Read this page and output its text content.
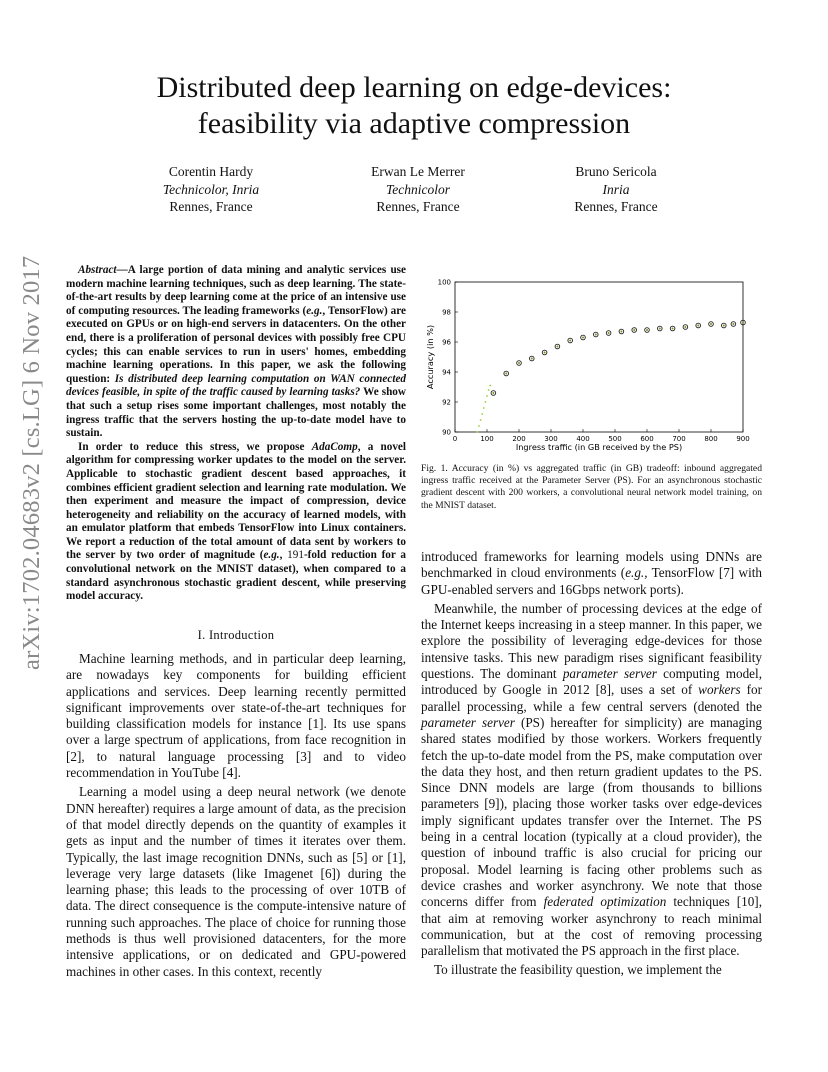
arXiv:1702.04683v2 [cs.LG] 6 Nov 2017
Distributed deep learning on edge-devices:
feasibility via adaptive compression
Corentin Hardy
Technicolor, Inria
Rennes, France
Erwan Le Merrer
Technicolor
Rennes, France
Bruno Sericola
Inria
Rennes, France

Abstract—A large portion of data mining and analytic services use modern machine learning techniques, such as deep learning. The state-of-the-art results by deep learning come at the price of an intensive use of computing resources. The leading frameworks (e.g., TensorFlow) are executed on GPUs or on high-end servers in datacenters. On the other end, there is a proliferation of personal devices with possibly free CPU cycles; this can enable services to run in users' homes, embedding machine learning operations. In this paper, we ask the following question: Is distributed deep learning computation on WAN connected devices feasible, in spite of the traffic caused by learning tasks? We show that such a setup rises some important challenges, most notably the ingress traffic that the servers hosting the up-to-date model have to sustain.

In order to reduce this stress, we propose AdaComp, a novel algorithm for compressing worker updates to the model on the server. Applicable to stochastic gradient descent based approaches, it combines efficient gradient selection and learning rate modulation. We then experiment and measure the impact of compression, device heterogeneity and reliability on the accuracy of learned models, with an emulator platform that embeds TensorFlow into Linux containers. We report a reduction of the total amount of data sent by workers to the server by two order of magnitude (e.g., 191-fold reduction for a convolutional network on the MNIST dataset), when compared to a standard asynchronous stochastic gradient descent, while preserving model accuracy.

I. Introduction

Machine learning methods, and in particular deep learning, are nowadays key components for building efficient applications and services. Deep learning recently permitted significant improvements over state-of-the-art techniques for building classification models for instance [1]. Its use spans over a large spectrum of applications, from face recognition in [2], to natural language processing [3] and to video recommendation in YouTube [4].

Learning a model using a deep neural network (we denote DNN hereafter) requires a large amount of data, as the precision of that model directly depends on the quantity of examples it gets as input and the number of times it iterates over them. Typically, the last image recognition DNNs, such as [5] or [1], leverage very large datasets (like Imagenet [6]) during the learning phase; this leads to the processing of over 10TB of data. The direct consequence is the compute-intensive nature of running such approaches. The place of choice for running those methods is thus well provisioned datacenters, for the more intensive applications, or on dedicated and GPU-powered machines in other cases. In this context, recently

0	100	200	300	400	500	600	700	800	900
90
92
94
96
98
100
Ingress traffic (in GB received by the PS)
Accuracy (in %)
Fig. 1. Accuracy (in %) vs aggregated traffic (in GB) tradeoff: inbound aggregated ingress traffic received at the Parameter Server (PS). For an asynchronous stochastic gradient descent with 200 workers, a convolutional neural network model training, on the MNIST dataset.

introduced frameworks for learning models using DNNs are benchmarked in cloud environments (e.g., TensorFlow [7] with GPU-enabled servers and 16Gbps network ports).

Meanwhile, the number of processing devices at the edge of the Internet keeps increasing in a steep manner. In this paper, we explore the possibility of leveraging edge-devices for those intensive tasks. This new paradigm rises significant feasibility questions. The dominant parameter server computing model, introduced by Google in 2012 [8], uses a set of workers for parallel processing, while a few central servers (denoted the parameter server (PS) hereafter for simplicity) are managing shared states modified by those workers. Workers frequently fetch the up-to-date model from the PS, make computation over the data they host, and then return gradient updates to the PS. Since DNN models are large (from thousands to billions parameters [9]), placing those worker tasks over edge-devices imply significant updates transfer over the Internet. The PS being in a central location (typically at a cloud provider), the question of inbound traffic is also crucial for pricing our proposal. Model learning is facing other problems such as device crashes and worker asynchrony. We note that those concerns differ from federated optimization techniques [10], that aim at removing worker asynchrony to reach minimal communication, but at the cost of removing processing parallelism that motivated the PS approach in the first place.

To illustrate the feasibility question, we implement the
